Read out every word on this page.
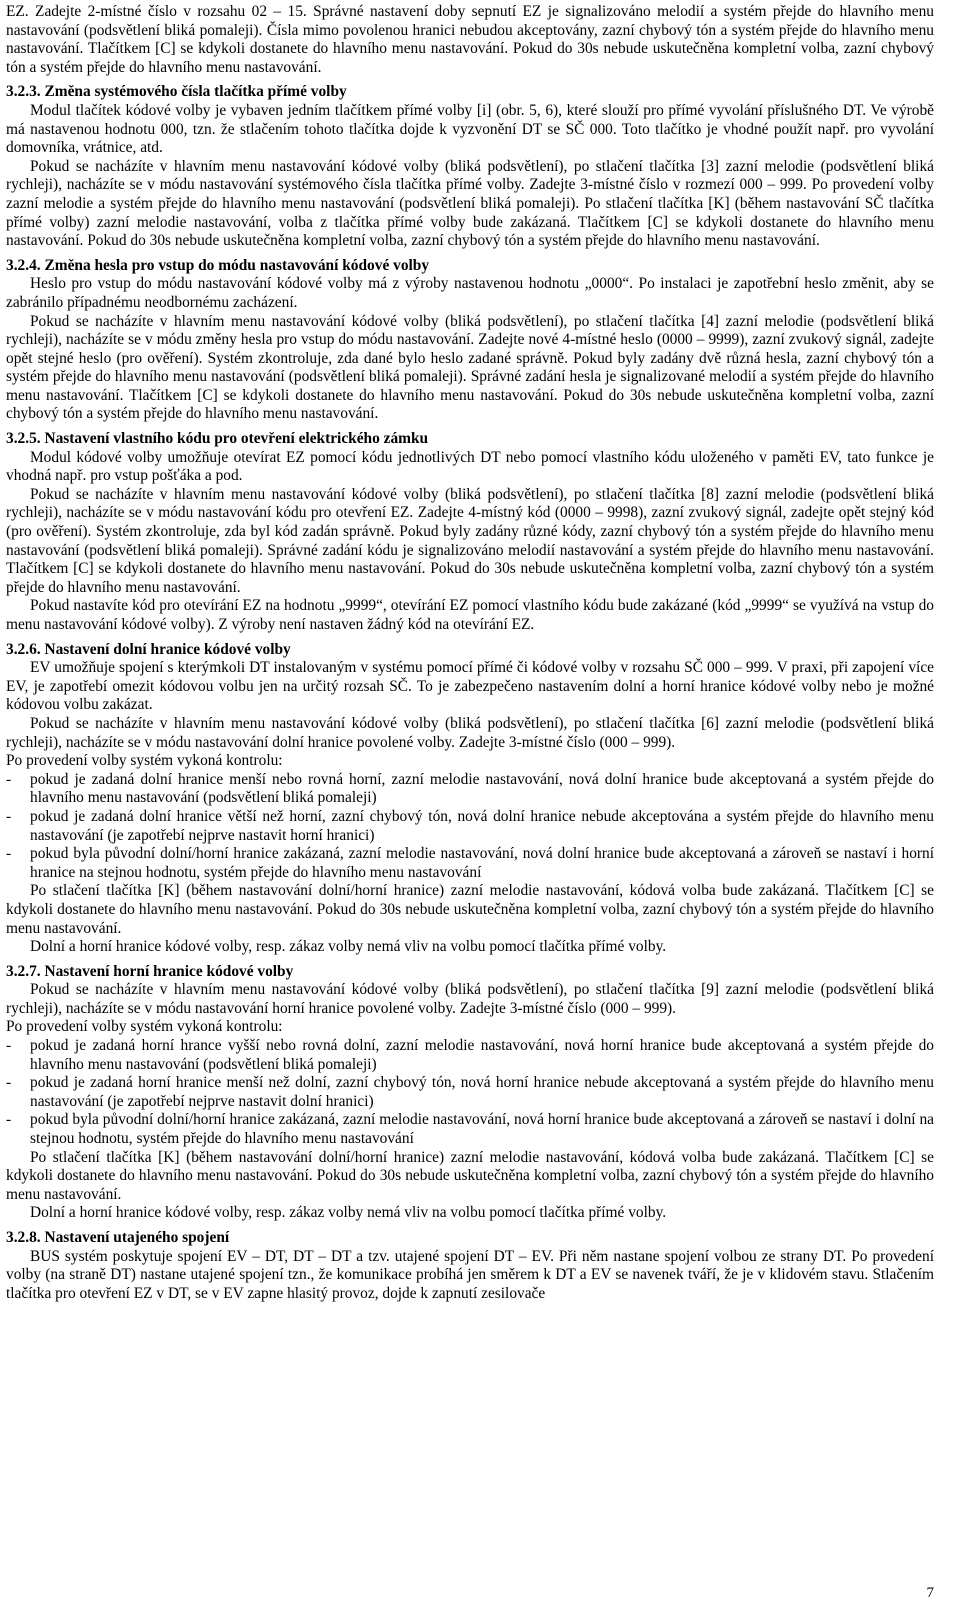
EZ. Zadejte 2-místné číslo v rozsahu 02 – 15. Správné nastavení doby sepnutí EZ je signalizováno melodií a systém přejde do hlavního menu nastavování (podsvětlení bliká pomaleji). Čísla mimo povolenou hranici nebudou akceptovány, zazní chybový tón a systém přejde do hlavního menu nastavování. Tlačítkem [C] se kdykoli dostanete do hlavního menu nastavování. Pokud do 30s nebude uskutečněna kompletní volba, zazní chybový tón a systém přejde do hlavního menu nastavování.

3.2.3. Změna systémového čísla tlačítka přímé volby

Modul tlačítek kódové volby je vybaven jedním tlačítkem přímé volby [i] (obr. 5, 6), které slouží pro přímé vyvolání příslušného DT. Ve výrobě má nastavenou hodnotu 000, tzn. že stlačením tohoto tlačítka dojde k vyzvonění DT se SČ 000. Toto tlačítko je vhodné použít např. pro vyvolání domovníka, vrátnice, atd.

Pokud se nacházíte v hlavním menu nastavování kódové volby (bliká podsvětlení), po stlačení tlačítka [3] zazní melodie (podsvětlení bliká rychleji), nacházíte se v módu nastavování systémového čísla tlačítka přímé volby. Zadejte 3-místné číslo v rozmezí 000 – 999. Po provedení volby zazní melodie a systém přejde do hlavního menu nastavování (podsvětlení bliká pomaleji). Po stlačení tlačítka [K] (během nastavování SČ tlačítka přímé volby) zazní melodie nastavování, volba z tlačítka přímé volby bude zakázaná. Tlačítkem [C] se kdykoli dostanete do hlavního menu nastavování. Pokud do 30s nebude uskutečněna kompletní volba, zazní chybový tón a systém přejde do hlavního menu nastavování.

3.2.4. Změna hesla pro vstup do módu nastavování kódové volby

Heslo pro vstup do módu nastavování kódové volby má z výroby nastavenou hodnotu „0000“. Po instalaci je zapotřební heslo změnit, aby se zabránilo případnému neodbornému zacházení.

Pokud se nacházíte v hlavním menu nastavování kódové volby (bliká podsvětlení), po stlačení tlačítka [4] zazní melodie (podsvětlení bliká rychleji), nacházíte se v módu změny hesla pro vstup do módu nastavování. Zadejte nové 4-místné heslo (0000 – 9999), zazní zvukový signál, zadejte opět stejné heslo (pro ověření). Systém zkontroluje, zda dané bylo heslo zadané správně. Pokud byly zadány dvě různá hesla, zazní chybový tón a systém přejde do hlavního menu nastavování (podsvětlení bliká pomaleji). Správné zadání hesla je signalizované melodií a systém přejde do hlavního menu nastavování. Tlačítkem [C] se kdykoli dostanete do hlavního menu nastavování. Pokud do 30s nebude uskutečněna kompletní volba, zazní chybový tón a systém přejde do hlavního menu nastavování.

3.2.5. Nastavení vlastního kódu pro otevření elektrického zámku

Modul kódové volby umožňuje otevírat EZ pomocí kódu jednotlivých DT nebo pomocí vlastního kódu uloženého v paměti EV, tato funkce je vhodná např. pro vstup pošťáka a pod.

Pokud se nacházíte v hlavním menu nastavování kódové volby (bliká podsvětlení), po stlačení tlačítka [8] zazní melodie (podsvětlení bliká rychleji), nacházíte se v módu nastavování kódu pro otevření EZ. Zadejte 4-místný kód (0000 – 9998), zazní zvukový signál, zadejte opět stejný kód (pro ověření). Systém zkontroluje, zda byl kód zadán správně. Pokud byly zadány různé kódy, zazní chybový tón a systém přejde do hlavního menu nastavování (podsvětlení bliká pomaleji). Správné zadání kódu je signalizováno melodií nastavování a systém přejde do hlavního menu nastavování. Tlačítkem [C] se kdykoli dostanete do hlavního menu nastavování. Pokud do 30s nebude uskutečněna kompletní volba, zazní chybový tón a systém přejde do hlavního menu nastavování.

Pokud nastavíte kód pro otevírání EZ na hodnotu „9999“, otevírání EZ pomocí vlastního kódu bude zakázané (kód „9999“ se využívá na vstup do menu nastavování kódové volby). Z výroby není nastaven žádný kód na otevírání EZ.

3.2.6. Nastavení dolní hranice kódové volby

EV umožňuje spojení s kterýmkoli DT instalovaným v systému pomocí přímé či kódové volby v rozsahu SČ 000 – 999. V praxi, při zapojení více EV, je zapotřebí omezit kódovou volbu jen na určitý rozsah SČ. To je zabezpečeno nastavením dolní a horní hranice kódové volby nebo je možné kódovou volbu zakázat.

Pokud se nacházíte v hlavním menu nastavování kódové volby (bliká podsvětlení), po stlačení tlačítka [6] zazní melodie (podsvětlení bliká rychleji), nacházíte se v módu nastavování dolní hranice povolené volby. Zadejte 3-místné číslo (000 – 999).

Po provedení volby systém vykoná kontrolu:

-	pokud je zadaná dolní hranice menší nebo rovná horní, zazní melodie nastavování, nová dolní hranice bude akceptovaná a systém přejde do hlavního menu nastavování (podsvětlení bliká pomaleji)
-	pokud je zadaná dolní hranice větší než horní, zazní chybový tón, nová dolní hranice nebude akceptována a systém přejde do hlavního menu nastavování (je zapotřebí nejprve nastavit horní hranici)
-	pokud byla původní dolní/horní hranice zakázaná, zazní melodie nastavování, nová dolní hranice bude akceptovaná a zároveň se nastaví i horní hranice na stejnou hodnotu, systém přejde do hlavního menu nastavování

Po stlačení tlačítka [K] (během nastavování dolní/horní hranice) zazní melodie nastavování, kódová volba bude zakázaná. Tlačítkem [C] se kdykoli dostanete do hlavního menu nastavování. Pokud do 30s nebude uskutečněna kompletní volba, zazní chybový tón a systém přejde do hlavního menu nastavování.

Dolní a horní hranice kódové volby, resp. zákaz volby nemá vliv na volbu pomocí tlačítka přímé volby.

3.2.7. Nastavení horní hranice kódové volby

Pokud se nacházíte v hlavním menu nastavování kódové volby (bliká podsvětlení), po stlačení tlačítka [9] zazní melodie (podsvětlení bliká rychleji), nacházíte se v módu nastavování horní hranice povolené volby. Zadejte 3-místné číslo (000 – 999).

Po provedení volby systém vykoná kontrolu:

-	pokud je zadaná horní hrance vyšší nebo rovná dolní, zazní melodie nastavování, nová horní hranice bude akceptovaná a systém přejde do hlavního menu nastavování (podsvětlení bliká pomaleji)
-	pokud je zadaná horní hranice menší než dolní, zazní chybový tón, nová horní hranice nebude akceptovaná a systém přejde do hlavního menu nastavování (je zapotřebí nejprve nastavit dolní hranici)
-	pokud byla původní dolní/horní hranice zakázaná, zazní melodie nastavování, nová horní hranice bude akceptovaná a zároveň se nastaví i dolní na stejnou hodnotu, systém přejde do hlavního menu nastavování

Po stlačení tlačítka [K] (během nastavování dolní/horní hranice) zazní melodie nastavování, kódová volba bude zakázaná. Tlačítkem [C] se kdykoli dostanete do hlavního menu nastavování. Pokud do 30s nebude uskutečněna kompletní volba, zazní chybový tón a systém přejde do hlavního menu nastavování.

Dolní a horní hranice kódové volby, resp. zákaz volby nemá vliv na volbu pomocí tlačítka přímé volby.

3.2.8. Nastavení utajeného spojení

BUS systém poskytuje spojení EV – DT, DT – DT a tzv. utajené spojení DT – EV. Při něm nastane spojení volbou ze strany DT. Po provedení volby (na straně DT) nastane utajené spojení tzn., že komunikace probíhá jen směrem k DT a EV se navenek tváří, že je v klidovém stavu. Stlačením tlačítka pro otevření EZ v DT, se v EV zapne hlasitý provoz, dojde k zapnutí zesilovače

7
